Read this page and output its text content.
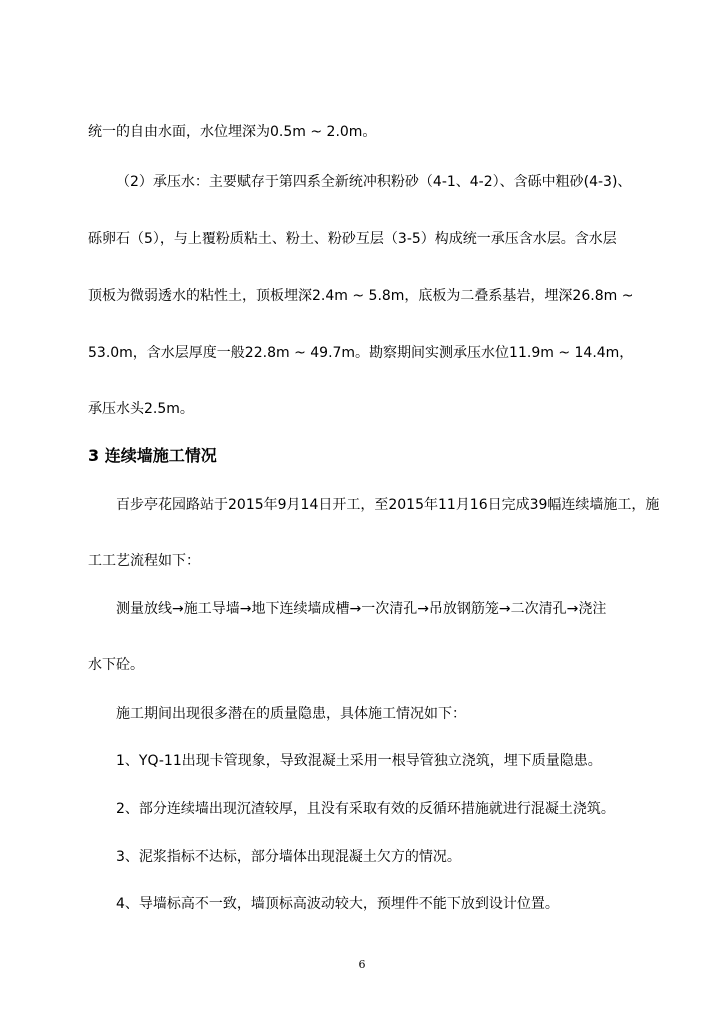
统一的自由水面，水位埋深为0.5m ~ 2.0m。
（2）承压水：主要赋存于第四系全新统冲积粉砂（4-1、4-2）、含砾中粗砂(4-3)、
砾卵石（5），与上覆粉质粘土、粉土、粉砂互层（3-5）构成统一承压含水层。含水层
顶板为微弱透水的粘性土，顶板埋深2.4m ~ 5.8m，底板为二叠系基岩，埋深26.8m ~
53.0m，含水层厚度一般22.8m ~ 49.7m。勘察期间实测承压水位11.9m ~ 14.4m，
承压水头2.5m。
3 连续墙施工情况
百步亭花园路站于2015年9月14日开工，至2015年11月16日完成39幅连续墙施工，施
工工艺流程如下：
测量放线→施工导墙→地下连续墙成槽→一次清孔→吊放钢筋笼→二次清孔→浇注
水下砼。
施工期间出现很多潜在的质量隐患，具体施工情况如下：
1、YQ-11出现卡管现象，导致混凝土采用一根导管独立浇筑，埋下质量隐患。
2、部分连续墙出现沉渣较厚，且没有采取有效的反循环措施就进行混凝土浇筑。
3、泥浆指标不达标，部分墙体出现混凝土欠方的情况。
4、导墙标高不一致，墙顶标高波动较大，预埋件不能下放到设计位置。
6
